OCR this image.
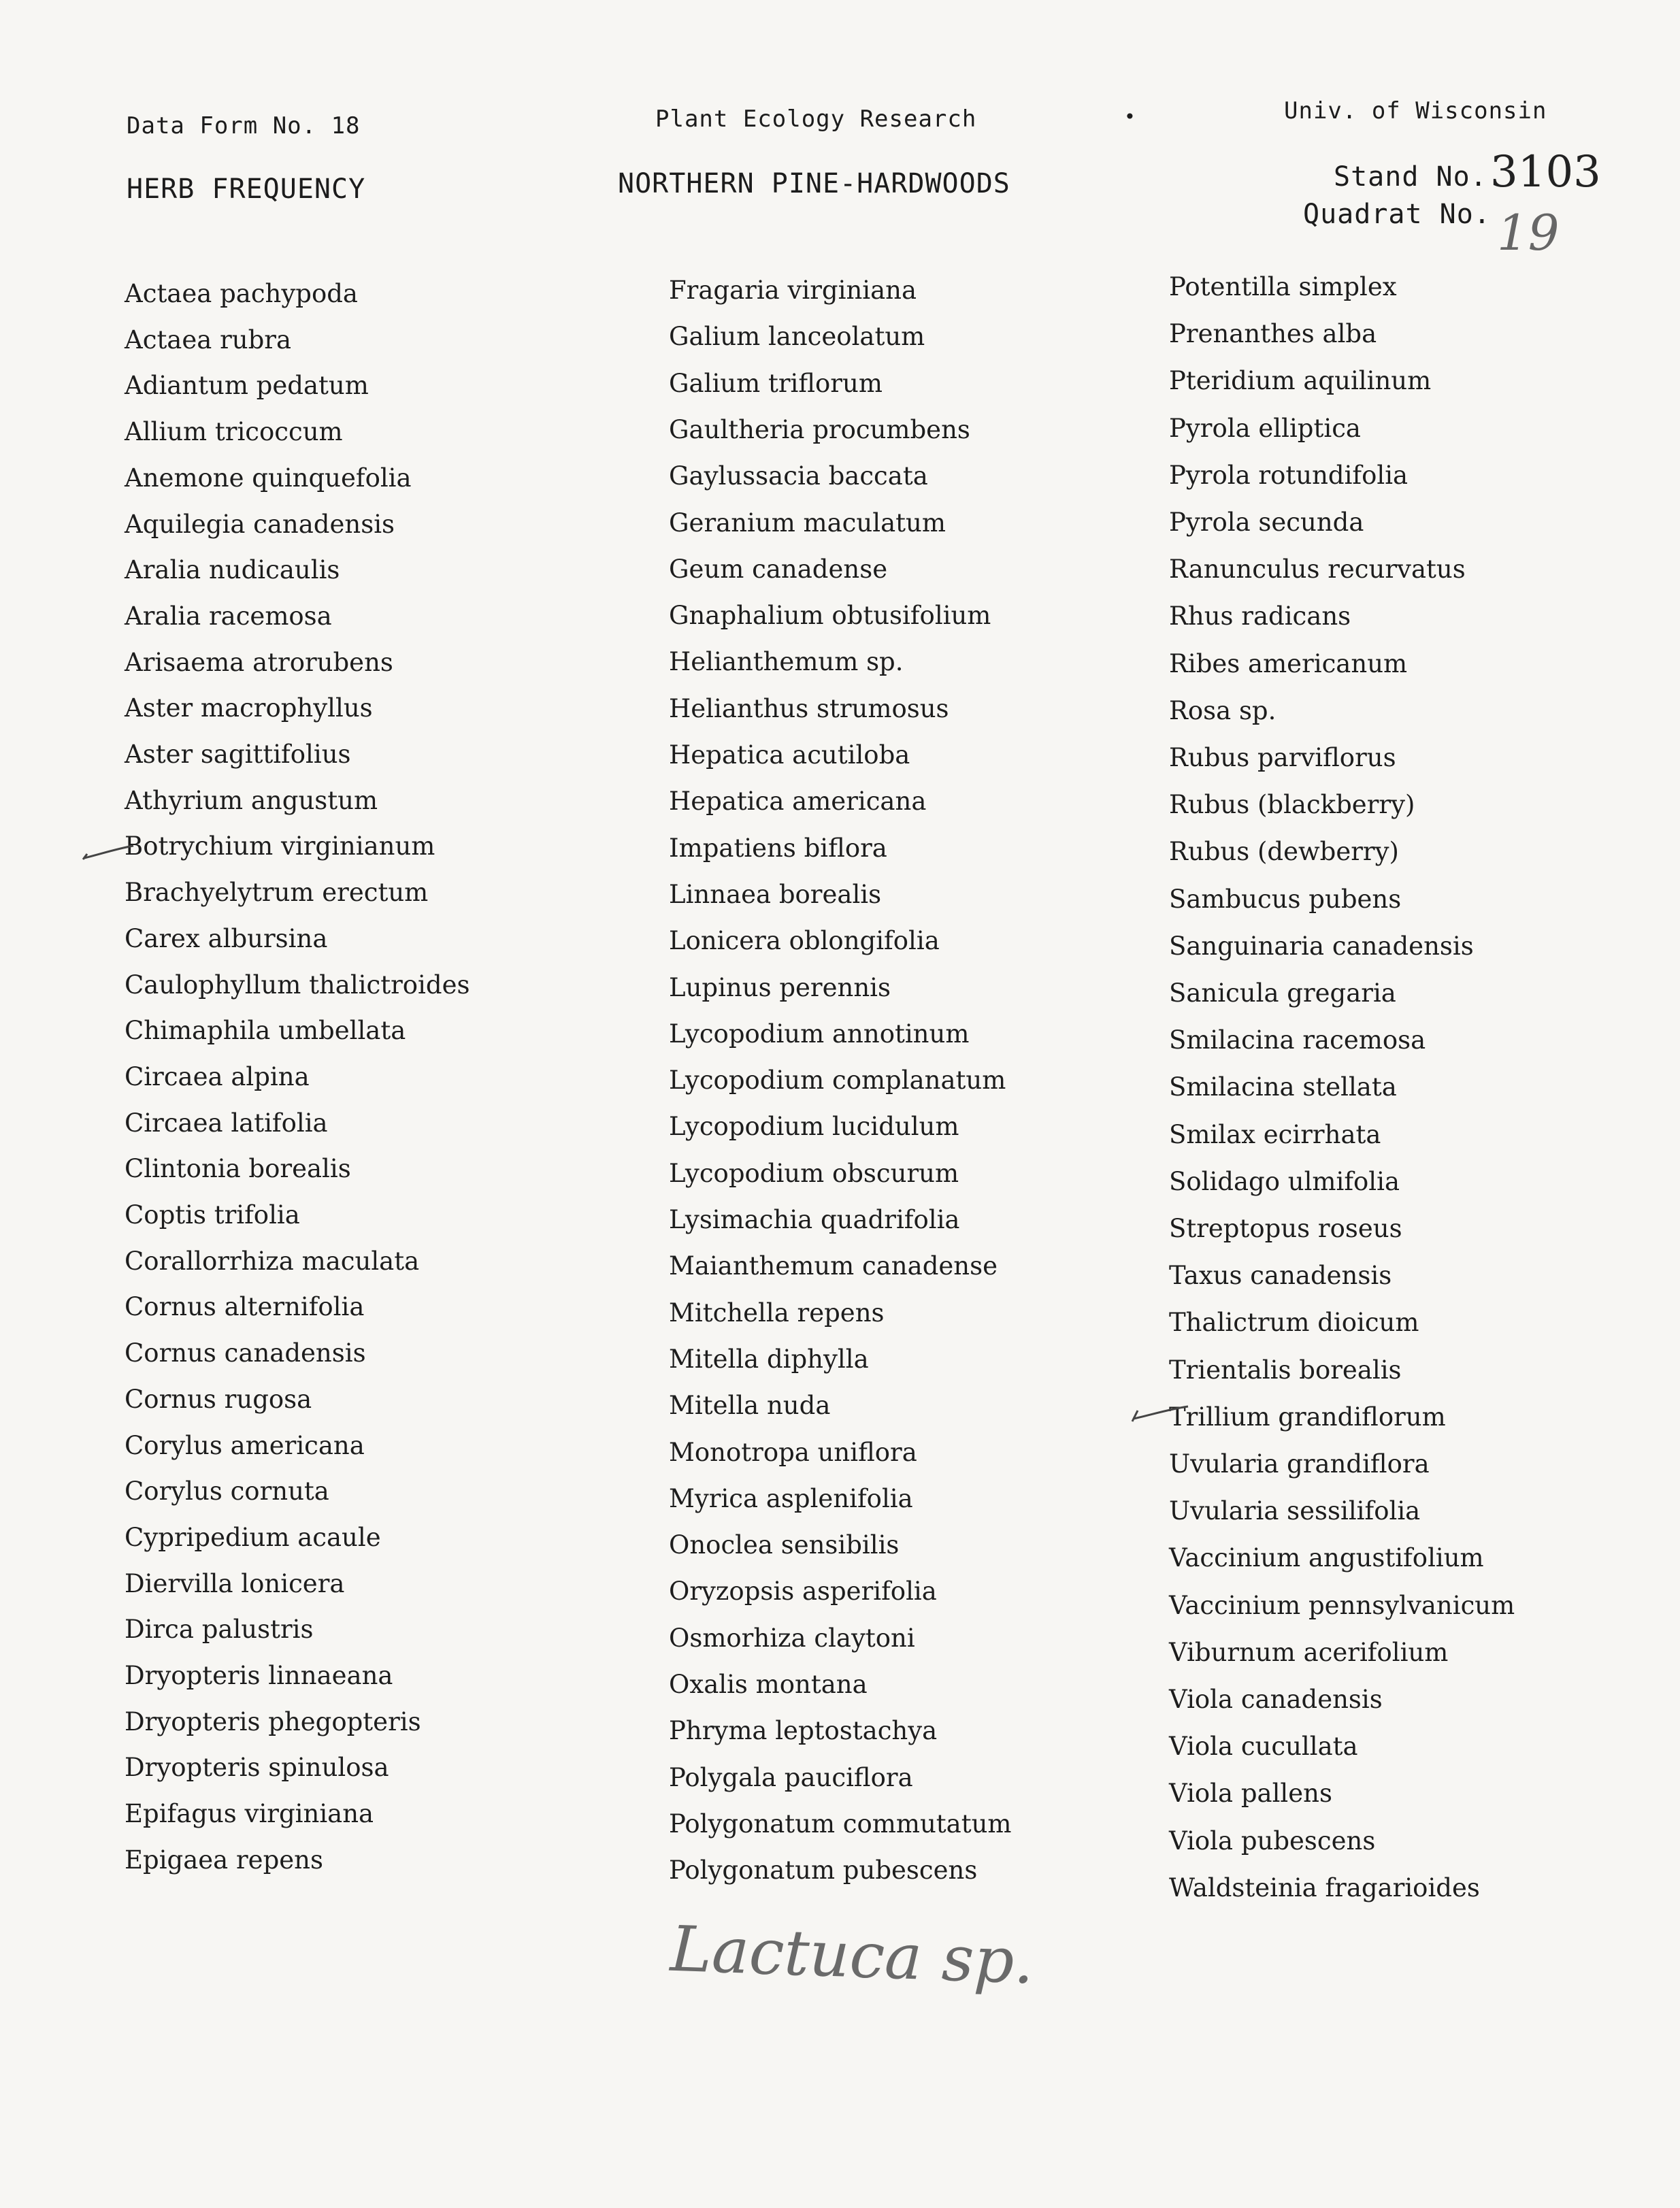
Data Form No. 18	Plant Ecology Research	•	Univ. of Wisconsin
HERB FREQUENCY	NORTHERN PINE-HARDWOODS	Stand No. 3103
Quadrat No. 19
Actaea pachypoda
Actaea rubra
Adiantum pedatum
Allium tricoccum
Anemone quinquefolia
Aquilegia canadensis
Aralia nudicaulis
Aralia racemosa
Arisaema atrorubens
Aster macrophyllus
Aster sagittifolius
Athyrium angustum
Botrychium virginianum
Brachyelytrum erectum
Carex albursina
Caulophyllum thalictroides
Chimaphila umbellata
Circaea alpina
Circaea latifolia
Clintonia borealis
Coptis trifolia
Corallorrhiza maculata
Cornus alternifolia
Cornus canadensis
Cornus rugosa
Corylus americana
Corylus cornuta
Cypripedium acaule
Diervilla lonicera
Dirca palustris
Dryopteris linnaeana
Dryopteris phegopteris
Dryopteris spinulosa
Epifagus virginiana
Epigaea repens
Fragaria virginiana
Galium lanceolatum
Galium triflorum
Gaultheria procumbens
Gaylussacia baccata
Geranium maculatum
Geum canadense
Gnaphalium obtusifolium
Helianthemum sp.
Helianthus strumosus
Hepatica acutiloba
Hepatica americana
Impatiens biflora
Linnaea borealis
Lonicera oblongifolia
Lupinus perennis
Lycopodium annotinum
Lycopodium complanatum
Lycopodium lucidulum
Lycopodium obscurum
Lysimachia quadrifolia
Maianthemum canadense
Mitchella repens
Mitella diphylla
Mitella nuda
Monotropa uniflora
Myrica asplenifolia
Onoclea sensibilis
Oryzopsis asperifolia
Osmorhiza claytoni
Oxalis montana
Phryma leptostachya
Polygala pauciflora
Polygonatum commutatum
Polygonatum pubescens
Potentilla simplex
Prenanthes alba
Pteridium aquilinum
Pyrola elliptica
Pyrola rotundifolia
Pyrola secunda
Ranunculus recurvatus
Rhus radicans
Ribes americanum
Rosa sp.
Rubus parviflorus
Rubus (blackberry)
Rubus (dewberry)
Sambucus pubens
Sanguinaria canadensis
Sanicula gregaria
Smilacina racemosa
Smilacina stellata
Smilax ecirrhata
Solidago ulmifolia
Streptopus roseus
Taxus canadensis
Thalictrum dioicum
Trientalis borealis
Trillium grandiflorum
Uvularia grandiflora
Uvularia sessilifolia
Vaccinium angustifolium
Vaccinium pennsylvanicum
Viburnum acerifolium
Viola canadensis
Viola cucullata
Viola pallens
Viola pubescens
Waldsteinia fragarioides
Lactuca sp.
